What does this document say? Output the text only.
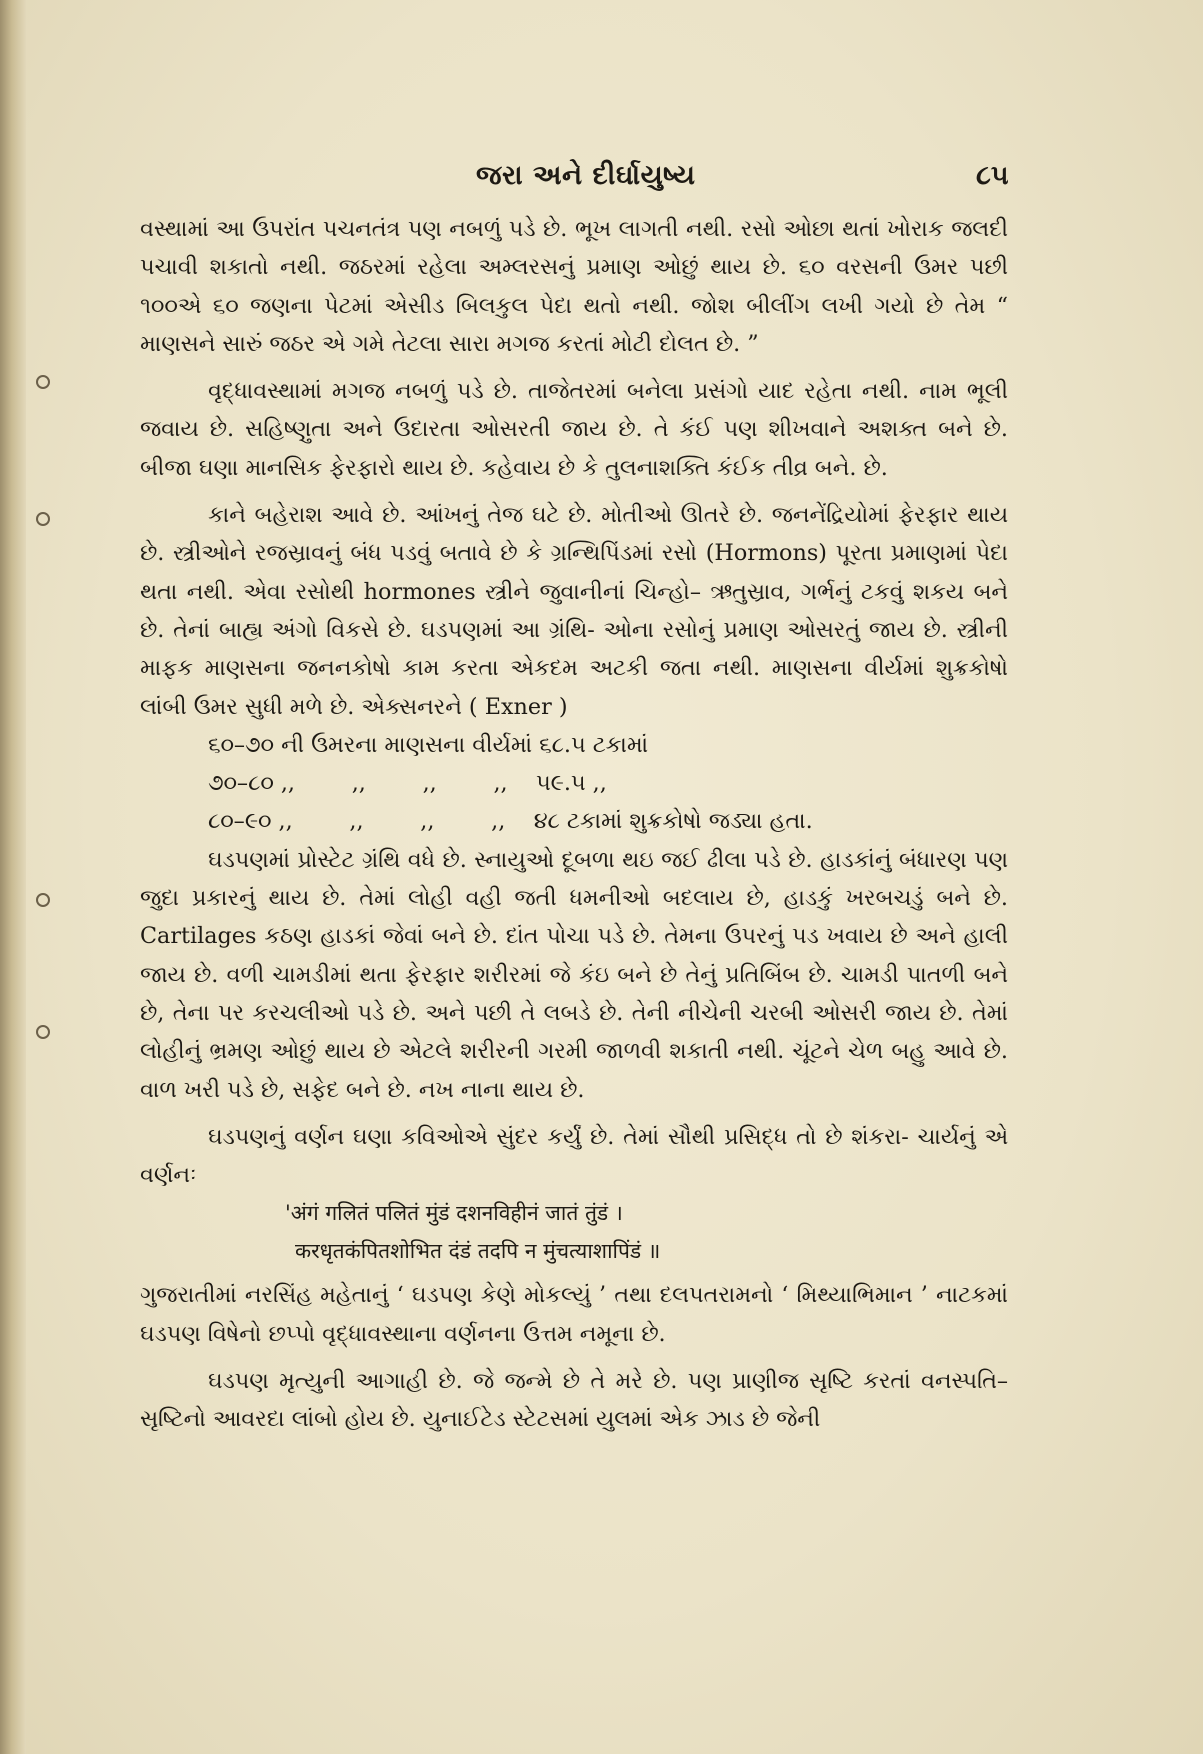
જરા અને દીર્ઘાયુષ્ય	૮૫

વસ્થામાં આ ઉપરાંત પચનતંત્ર પણ નબળું પડે છે. ભૂખ લાગતી નથી. રસો ઓછા થતાં ખોરાક જલદી પચાવી શકાતો નથી. જઠરમાં રહેલા અમ્લરસનું પ્રમાણ ઓછું થાય છે. ૬૦ વરસની ઉમર પછી ૧૦૦એ ૬૦ જણના પેટમાં એસીડ બિલકુલ પેદા થતો નથી. જોશ બીલીંગ લખી ગયો છે તેમ “ માણસને સારું જઠર એ ગમે તેટલા સારા મગજ કરતાં મોટી દોલત છે. ”

વૃદ્ધાવસ્થામાં મગજ નબળું પડે છે. તાજેતરમાં બનેલા પ્રસંગો યાદ રહેતા નથી. નામ ભૂલી જવાય છે. સહિષ્ણુતા અને ઉદારતા ઓસરતી જાય છે. તે કંઈ પણ શીખવાને અશક્ત બને છે. બીજા ઘણા માનસિક ફેરફારો થાય છે. કહેવાય છે કે તુલનાશક્તિ કંઈક તીવ્ર બને. છે.

કાને બહેરાશ આવે છે. આંખનું તેજ ઘટે છે. મોતીઓ ઊતરે છે. જનનેંદ્રિયોમાં ફેરફાર થાય છે. સ્ત્રીઓને રજસ્રાવનું બંધ પડવું બતાવે છે કે ગ્રન્થિપિંડમાં રસો (Hormons) પૂરતા પ્રમાણમાં પેદા થતા નથી. એવા રસોથી hormones સ્ત્રીને જુવાનીનાં ચિન્હો– ઋતુસ્રાવ, ગર્ભનું ટકવું શકય બને છે. તેનાં બાહ્ય અંગો વિકસે છે. ઘડપણમાં આ ગ્રંથિ- ઓના રસોનું પ્રમાણ ઓસરતું જાય છે. સ્ત્રીની માફક માણસના જનનકોષો કામ કરતા એકદમ અટકી જતા નથી. માણસના વીર્યમાં શુક્રકોષો લાંબી ઉમર સુધી મળે છે. એક્સનરને ( Exner )

૬૦–૭૦ ની ઉમરના માણસના વીર્યમાં ૬૮.૫ ટકામાં

૭૦–૮૦ ,,        ,,        ,,        ,,    ૫૯.૫ ,,

૮૦–૯૦ ,,        ,,        ,,        ,,    ૪૮ ટકામાં શુક્રકોષો જડ્યા હતા.

ઘડપણમાં પ્રોસ્ટેટ ગ્રંથિ વધે છે. સ્નાયુઓ દૂબળા થઇ જઈ ઢીલા પડે છે. હાડકાંનું બંધારણ પણ જુદા પ્રકારનું થાય છે. તેમાં લોહી વહી જતી ધમનીઓ બદલાય છે, હાડકું ખરબચડું બને છે. Cartilages કઠણ હાડકાં જેવાં બને છે. દાંત પોચા પડે છે. તેમના ઉપરનું પડ ખવાય છે અને હાલી જાય છે. વળી ચામડીમાં થતા ફેરફાર શરીરમાં જે કંઇ બને છે તેનું પ્રતિબિંબ છે. ચામડી પાતળી બને છે, તેના પર કરચલીઓ પડે છે. અને પછી તે લબડે છે. તેની નીચેની ચરબી ઓસરી જાય છે. તેમાં લોહીનું ભ્રમણ ઓછું થાય છે એટલે શરીરની ગરમી જાળવી શકાતી નથી. ચૂંટને ચેળ બહુ આવે છે. વાળ ખરી પડે છે, સફેદ બને છે. નખ નાના થાય છે.

ઘડપણનું વર્ણન ઘણા કવિઓએ સુંદર કર્યું છે. તેમાં સૌથી પ્રસિદ્ધ તો છે શંકરા- ચાર્યનું એ વર્ણનઃ

'अंगं गलितं पलितं मुंडं दशनविहीनं जातं तुंडं ।

करधृतकंपितशोभित दंडं तदपि न मुंचत्याशापिंडं ॥

ગુજરાતીમાં નરસિંહ મહેતાનું ‘ ઘડપણ કેણે મોકલ્યું ’ તથા દલપતરામનો ‘ મિથ્યાભિમાન ’ નાટકમાં ઘડપણ વિષેનો છપ્પો વૃદ્ધાવસ્થાના વર્ણનના ઉત્તમ નમૂના છે.

ઘડપણ મૃત્યુની આગાહી છે. જે જન્મે છે તે મરે છે. પણ પ્રાણીજ સૃષ્ટિ કરતાં વનસ્પતિ–સૃષ્ટિનો આવરદા લાંબો હોય છે. યુનાઈટેડ સ્ટેટસમાં યુલમાં એક ઝાડ છે જેની
